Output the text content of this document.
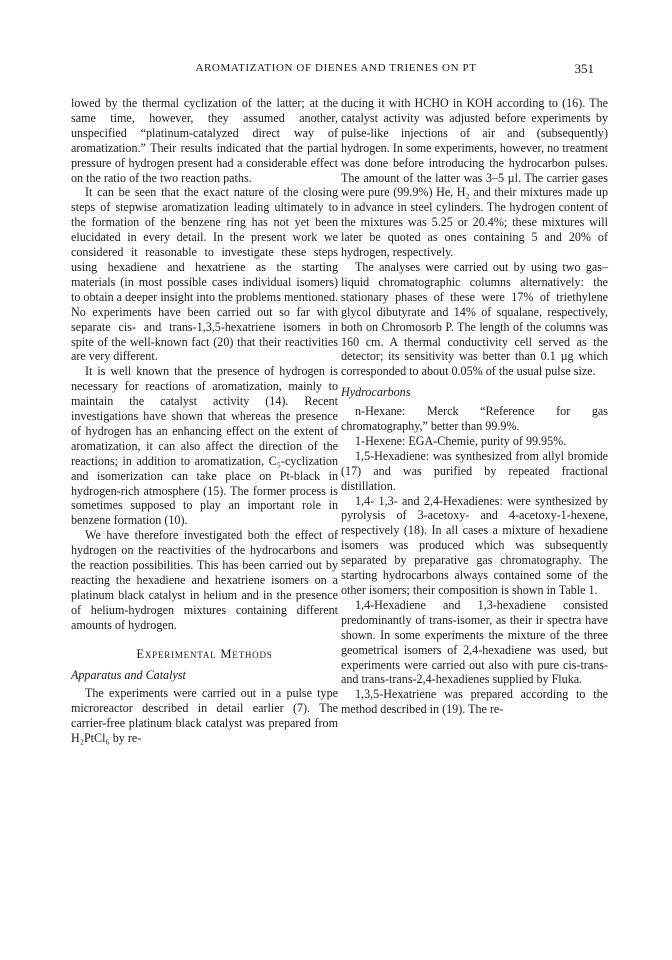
AROMATIZATION OF DIENES AND TRIENES ON PT	351

lowed by the thermal cyclization of the latter; at the same time, however, they assumed another, unspecified “platinum-catalyzed direct way of aromatization.” Their results indicated that the partial pressure of hydrogen present had a considerable effect on the ratio of the two reaction paths.

It can be seen that the exact nature of the closing steps of stepwise aromatization leading ultimately to the formation of the benzene ring has not yet been elucidated in every detail. In the present work we considered it reasonable to investigate these steps using hexadiene and hexatriene as the starting materials (in most possible cases individual isomers) to obtain a deeper insight into the problems mentioned. No experiments have been carried out so far with separate cis- and trans-1,3,5-hexatriene isomers in spite of the well-known fact (20) that their reactivities are very different.

It is well known that the presence of hydrogen is necessary for reactions of aromatization, mainly to maintain the catalyst activity (14). Recent investigations have shown that whereas the presence of hydrogen has an enhancing effect on the extent of aromatization, it can also affect the direction of the reactions; in addition to aromatization, C₅-cyclization and isomerization can take place on Pt-black in hydrogen-rich atmosphere (15). The former process is sometimes supposed to play an important role in benzene formation (10).

We have therefore investigated both the effect of hydrogen on the reactivities of the hydrocarbons and the reaction possibilities. This has been carried out by reacting the hexadiene and hexatriene isomers on a platinum black catalyst in helium and in the presence of helium-hydrogen mixtures containing different amounts of hydrogen.

Experimental Methods
Apparatus and Catalyst

The experiments were carried out in a pulse type microreactor described in detail earlier (7). The carrier-free platinum black catalyst was prepared from H₂PtCl₆ by re-

ducing it with HCHO in KOH according to (16). The catalyst activity was adjusted before experiments by pulse-like injections of air and (subsequently) hydrogen. In some experiments, however, no treatment was done before introducing the hydrocarbon pulses. The amount of the latter was 3–5 µl. The carrier gases were pure (99.9%) He, H₂ and their mixtures made up in advance in steel cylinders. The hydrogen content of the mixtures was 5.25 or 20.4%; these mixtures will later be quoted as ones containing 5 and 20% of hydrogen, respectively.

The analyses were carried out by using two gas–liquid chromatographic columns alternatively: the stationary phases of these were 17% of triethylene glycol dibutyrate and 14% of squalane, respectively, both on Chromosorb P. The length of the columns was 160 cm. A thermal conductivity cell served as the detector; its sensitivity was better than 0.1 µg which corresponded to about 0.05% of the usual pulse size.

Hydrocarbons

n-Hexane: Merck “Reference for gas chromatography,” better than 99.9%.

1-Hexene: EGA-Chemie, purity of 99.95%.

1,5-Hexadiene: was synthesized from allyl bromide (17) and was purified by repeated fractional distillation.

1,4- 1,3- and 2,4-Hexadienes: were synthesized by pyrolysis of 3-acetoxy- and 4-acetoxy-1-hexene, respectively (18). In all cases a mixture of hexadiene isomers was produced which was subsequently separated by preparative gas chromatography. The starting hydrocarbons always contained some of the other isomers; their composition is shown in Table 1.

1,4-Hexadiene and 1,3-hexadiene consisted predominantly of trans-isomer, as their ir spectra have shown. In some experiments the mixture of the three geometrical isomers of 2,4-hexadiene was used, but experiments were carried out also with pure cis-trans- and trans-trans-2,4-hexadienes supplied by Fluka.

1,3,5-Hexatriene was prepared according to the method described in (19). The re-
